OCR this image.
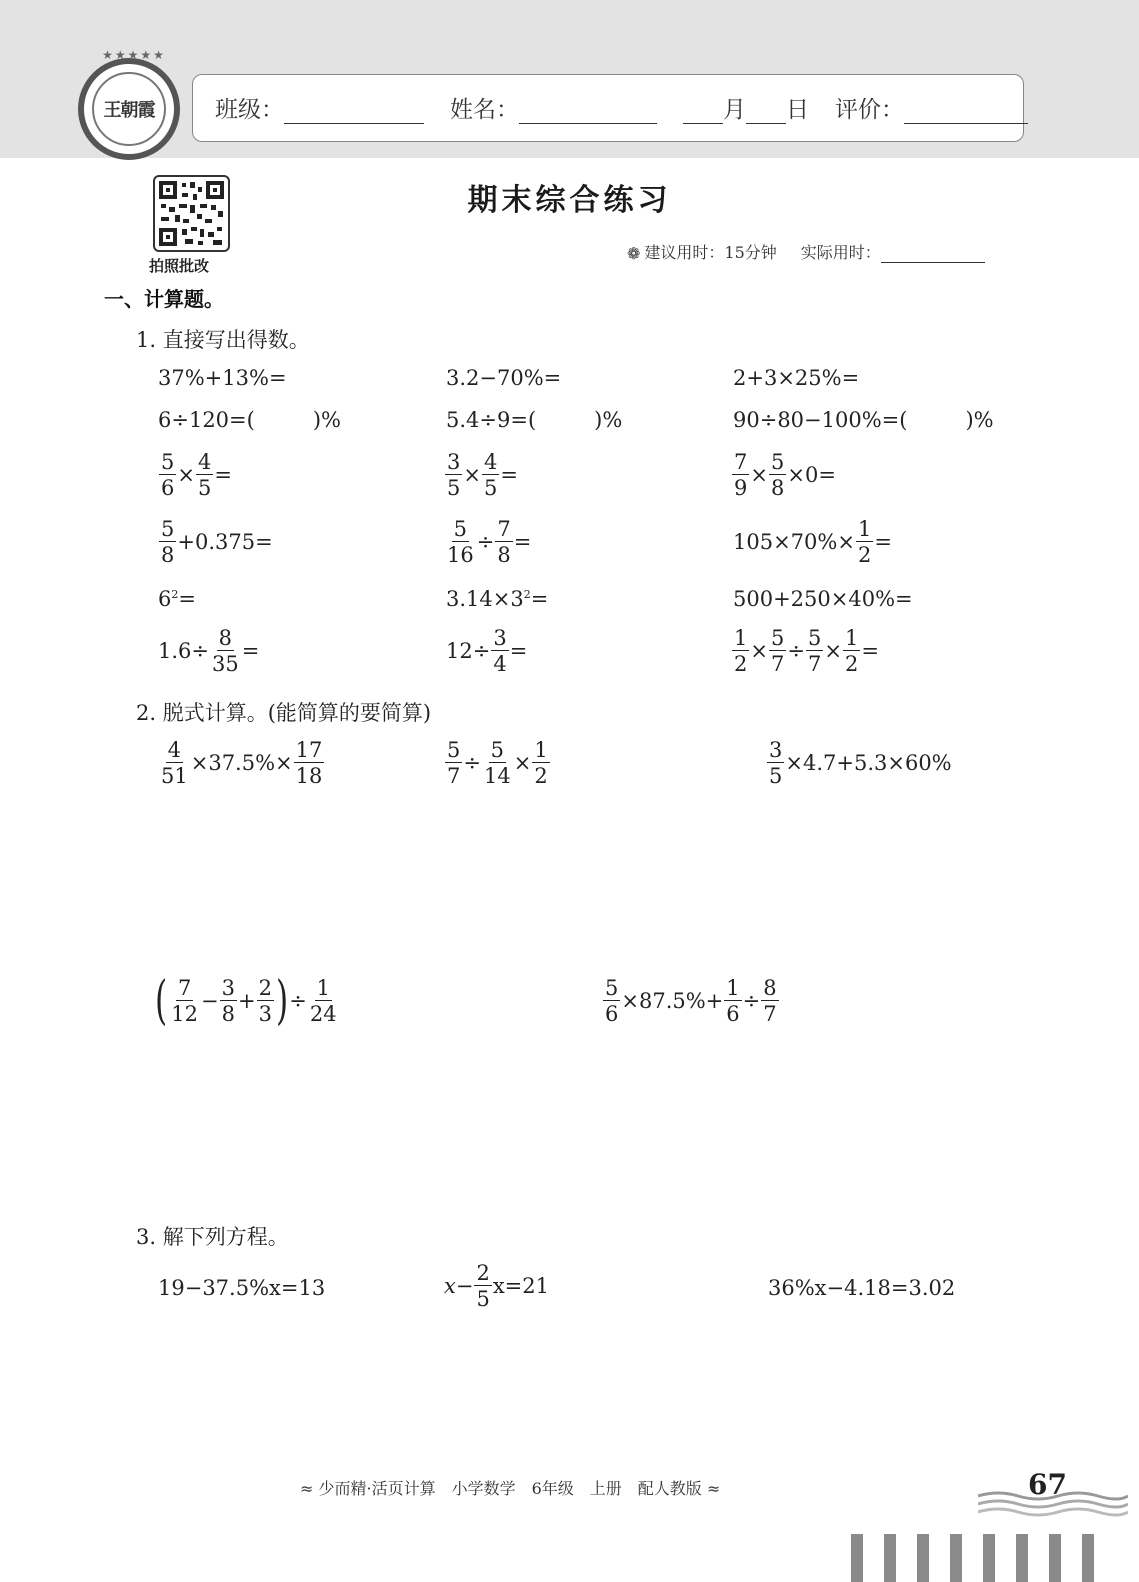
★★★★★
王朝霞	班级：	姓名：	月 日 评价：
拍照批改
期末综合练习
❁ 建议用时：15分钟 实际用时：
一、计算题。
1. 直接写出得数。
37%+13%=	3.2−70%=	2+3×25%=
6÷120=(	)%	5.4÷9=(	)%	90÷80−100%=(	)%
$\frac{5}{6} \times \frac{4}{5}$ =	$\frac{3}{5} \times \frac{4}{5}$ =	$\frac{7}{9} \times \frac{5}{8} \times 0=$
$\frac{5}{8} +0.375=$	$\frac{5}{16} \div \frac{7}{8}$ =	$105\times 70\%\times \frac{1}{2}$ =
$6^2$ =	$3.14\times 3^2$ =	500+250×40%=
$1.6\div \frac{8}{35}$ =	$12\div \frac{3}{4}$ =	$\frac{1}{2} \times \frac{5}{7} \div \frac{5}{7} \times \frac{1}{2}$ =
2. 脱式计算。(能简算的要简算)
$\frac{4}{51} \times 37.5\%\times \frac{17}{18}$	$\frac{5}{7} \div \frac{5}{14} \times \frac{1}{2}$	$\frac{3}{5} \times 4.7+5.3\times 60\%$
( $\frac{7}{12} - \frac{3}{8} + \frac{2}{3}$ ) ÷ $\frac{1}{24}$	$\frac{5}{6} \times 87.5\%+ \frac{1}{6} \div \frac{8}{7}$
3. 解下列方程。
19−37.5%x=13	$x- \frac{2}{5} x=21$	36%x−4.18=3.02
≈ 少而精·活页计算　小学数学　6年级　上册　配人教版 ≈	67
